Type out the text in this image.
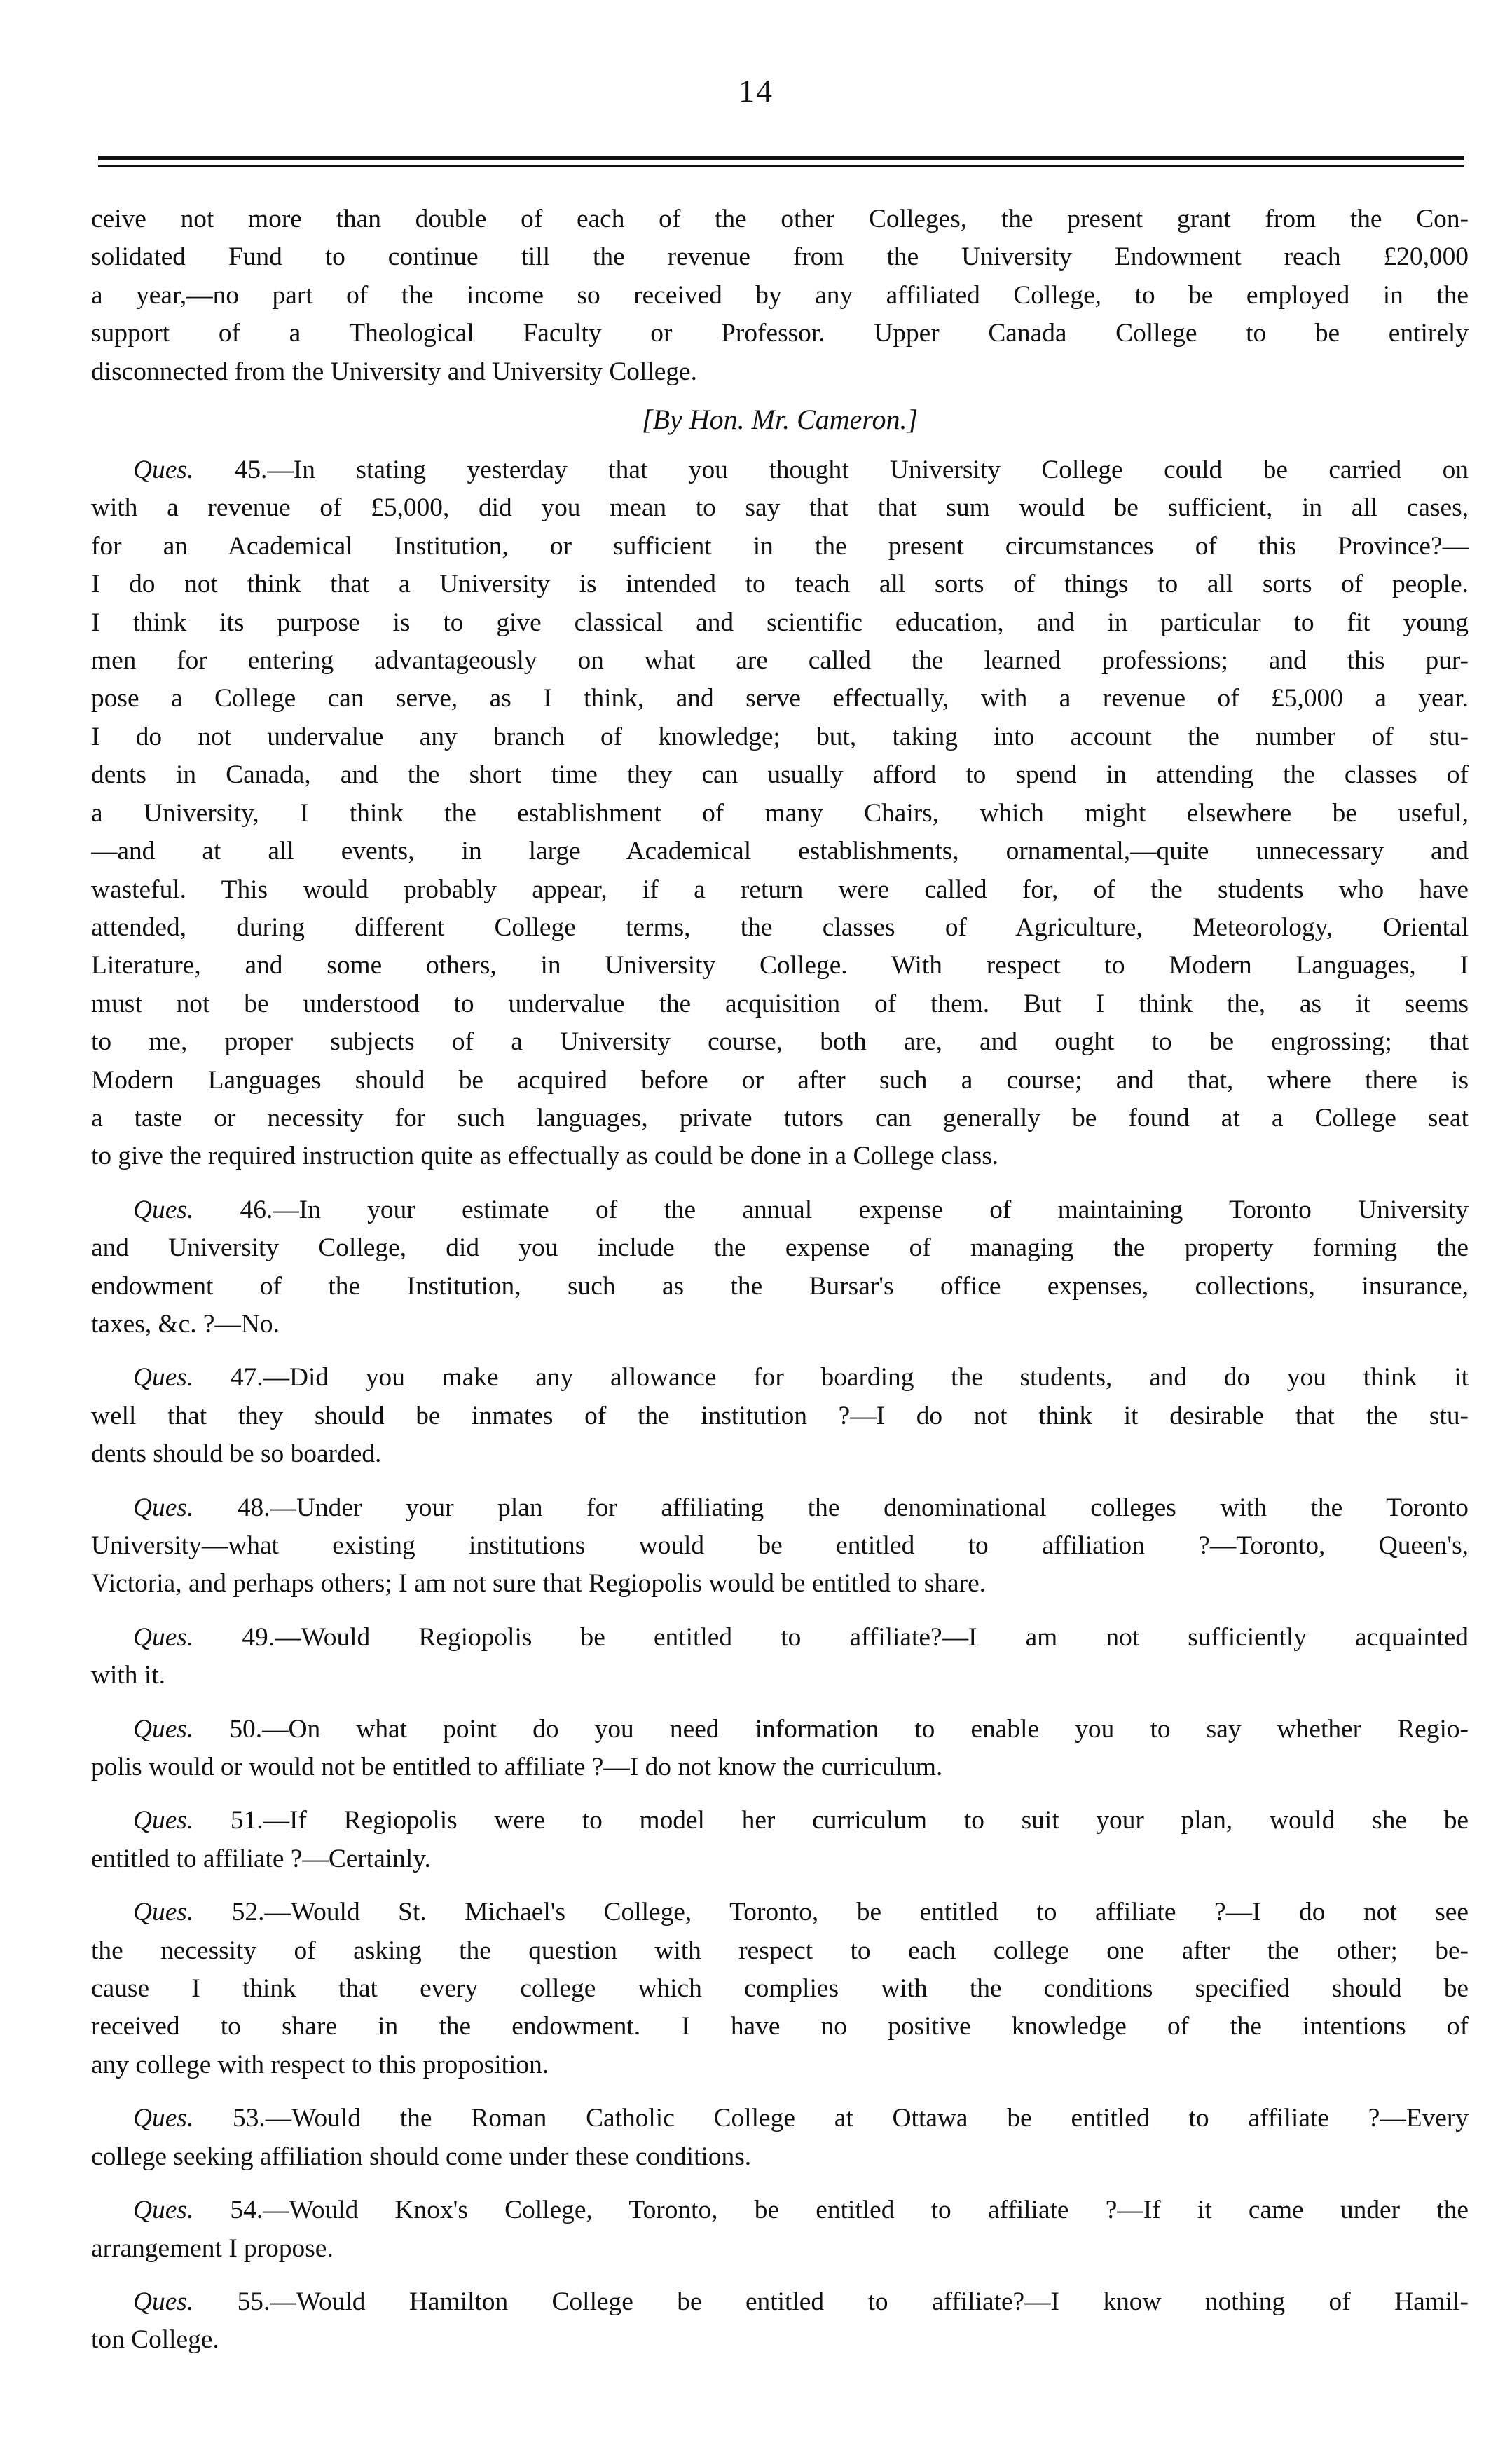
14

ceive not more than double of each of the other Colleges, the present grant from the Con-
solidated Fund to continue till the revenue from the University Endowment reach £20,000
a year,—no part of the income so received by any affiliated College, to be employed in the
support of a Theological Faculty or Professor. Upper Canada College to be entirely
disconnected from the University and University College.

[By Hon. Mr. Cameron.]

Ques. 45.—In stating yesterday that you thought University College could be carried on
with a revenue of £5,000, did you mean to say that that sum would be sufficient, in all cases,
for an Academical Institution, or sufficient in the present circumstances of this Province?—
I do not think that a University is intended to teach all sorts of things to all sorts of people.
I think its purpose is to give classical and scientific education, and in particular to fit young
men for entering advantageously on what are called the learned professions; and this pur-
pose a College can serve, as I think, and serve effectually, with a revenue of £5,000 a year.
I do not undervalue any branch of knowledge; but, taking into account the number of stu-
dents in Canada, and the short time they can usually afford to spend in attending the classes of
a University, I think the establishment of many Chairs, which might elsewhere be useful,
—and at all events, in large Academical establishments, ornamental,—quite unnecessary and
wasteful. This would probably appear, if a return were called for, of the students who have
attended, during different College terms, the classes of Agriculture, Meteorology, Oriental
Literature, and some others, in University College. With respect to Modern Languages, I
must not be understood to undervalue the acquisition of them. But I think the, as it seems
to me, proper subjects of a University course, both are, and ought to be engrossing; that
Modern Languages should be acquired before or after such a course; and that, where there is
a taste or necessity for such languages, private tutors can generally be found at a College seat
to give the required instruction quite as effectually as could be done in a College class.

Ques. 46.—In your estimate of the annual expense of maintaining Toronto University
and University College, did you include the expense of managing the property forming the
endowment of the Institution, such as the Bursar's office expenses, collections, insurance,
taxes, &c. ?—No.

Ques. 47.—Did you make any allowance for boarding the students, and do you think it
well that they should be inmates of the institution ?—I do not think it desirable that the stu-
dents should be so boarded.

Ques. 48.—Under your plan for affiliating the denominational colleges with the Toronto
University—what existing institutions would be entitled to affiliation ?—Toronto, Queen's,
Victoria, and perhaps others; I am not sure that Regiopolis would be entitled to share.

Ques. 49.—Would Regiopolis be entitled to affiliate?—I am not sufficiently acquainted
with it.

Ques. 50.—On what point do you need information to enable you to say whether Regio-
polis would or would not be entitled to affiliate ?—I do not know the curriculum.

Ques. 51.—If Regiopolis were to model her curriculum to suit your plan, would she be
entitled to affiliate ?—Certainly.

Ques. 52.—Would St. Michael's College, Toronto, be entitled to affiliate ?—I do not see
the necessity of asking the question with respect to each college one after the other; be-
cause I think that every college which complies with the conditions specified should be
received to share in the endowment. I have no positive knowledge of the intentions of
any college with respect to this proposition.

Ques. 53.—Would the Roman Catholic College at Ottawa be entitled to affiliate ?—Every
college seeking affiliation should come under these conditions.

Ques. 54.—Would Knox's College, Toronto, be entitled to affiliate ?—If it came under the
arrangement I propose.

Ques. 55.—Would Hamilton College be entitled to affiliate?—I know nothing of Hamil-
ton College.
